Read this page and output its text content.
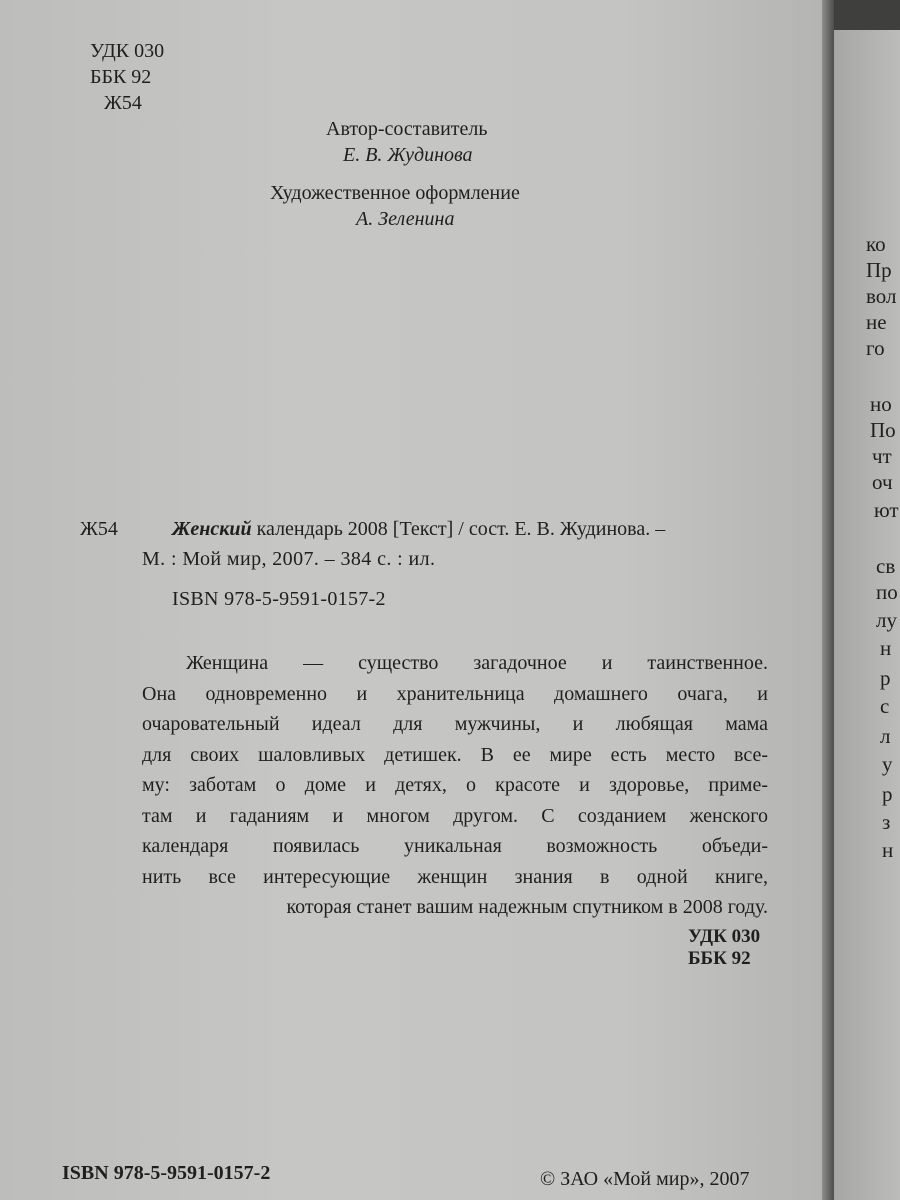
УДК 030

ББК 92

Ж54

Автор-составитель

Е. В. Жудинова

Художественное оформление

А. Зеленина

Ж54	Женский календарь 2008 [Текст] / сост. Е. В. Жудинова. –

М. : Мой мир, 2007. – 384 с. : ил.

ISBN 978-5-9591-0157-2

Женщина — существо загадочное и таинственное.
Она одновременно и хранительница домашнего очага, и
очаровательный идеал для мужчины, и любящая мама
для своих шаловливых детишек. В ее мире есть место все-
му: заботам о доме и детях, о красоте и здоровье, приме-
там и гаданиям и многом другом. С созданием женского
календаря появилась уникальная возможность объеди-
нить все интересующие женщин знания в одной книге,
которая станет вашим надежным спутником в 2008 году.

УДК 030

ББК 92

ISBN 978-5-9591-0157-2	© ЗАО «Мой мир», 2007

ко

Пр

вол

не

го

но

По

чт

оч

ют

св

по

лу

н

р

с

л

у

р

з

н
